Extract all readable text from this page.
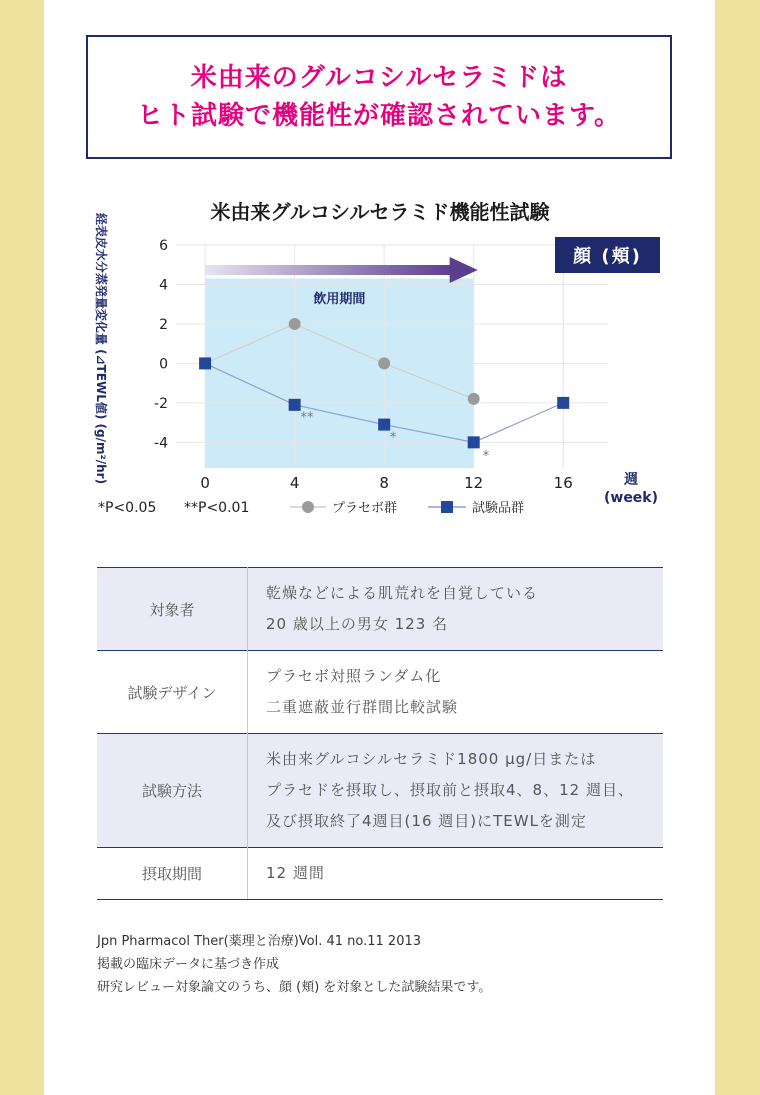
米由来のグルコシルセラミドは
ヒト試験で機能性が確認されています。
米由来グルコシルセラミド機能性試験
飲用期間
6
4
2
0
-2
-4
0	4	8	12	16	週
(week)
**
*
*
*P<0.05 **P<0.01	プラセボ群	試験品群
顔 (頬)
経表皮水分蒸発量変化量 (⊿TEWL値) (g/m²/hr)
対象者	乾燥などによる肌荒れを自覚している
20 歳以上の男女 123 名

試験デザイン	プラセボ対照ランダム化
二重遮蔽並行群間比較試験

試験方法	米由来グルコシルセラミド1800 μg/日または
プラセドを摂取し、摂取前と摂取4、8、12 週目、
及び摂取終了4週目(16 週目)にTEWLを測定

摂取期間	12 週間
Jpn Pharmacol Ther(薬理と治療)Vol. 41 no.11 2013
掲載の臨床データに基づき作成
研究レビュー対象論文のうち、顔 (頬) を対象とした試験結果です。
